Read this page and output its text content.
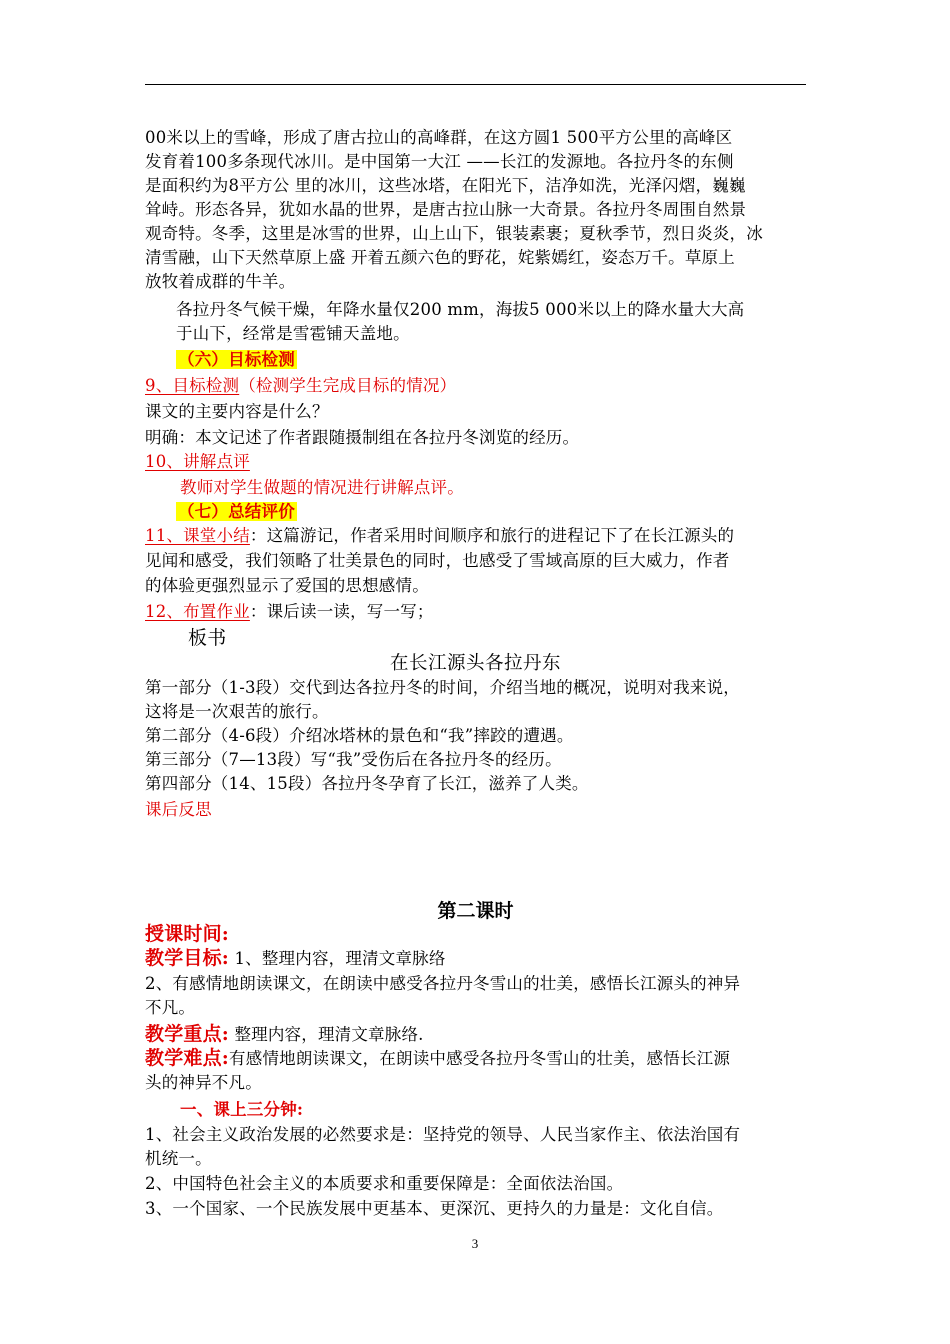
00米以上的雪峰，形成了唐古拉山的高峰群，在这方圆1 500平方公里的高峰区
发育着100多条现代冰川。是中国第一大江 ——长江的发源地。各拉丹冬的东侧
是面积约为8平方公 里的冰川，这些冰塔，在阳光下，洁净如洗，光泽闪熠，巍巍
耸峙。形态各异，犹如水晶的世界，是唐古拉山脉一大奇景。各拉丹冬周围自然景
观奇特。冬季，这里是冰雪的世界，山上山下，银装素裹；夏秋季节，烈日炎炎，冰
清雪融，山下天然草原上盛 开着五颜六色的野花，姹紫嫣红，姿态万千。草原上
放牧着成群的牛羊。
各拉丹冬气候干燥，年降水量仅200 mm，海拔5 000米以上的降水量大大高
于山下，经常是雪雹铺天盖地。
（六）目标检测
9、目标检测（检测学生完成目标的情况）
课文的主要内容是什么？
明确：本文记述了作者跟随摄制组在各拉丹冬浏览的经历。
10、讲解点评
教师对学生做题的情况进行讲解点评。
（七）总结评价
11、课堂小结：这篇游记，作者采用时间顺序和旅行的进程记下了在长江源头的
见闻和感受，我们领略了壮美景色的同时，也感受了雪域高原的巨大威力，作者
的体验更强烈显示了爱国的思想感情。
12、布置作业：课后读一读，写一写；
板书
在长江源头各拉丹东
第一部分（1-3段）交代到达各拉丹冬的时间，介绍当地的概况，说明对我来说，
这将是一次艰苦的旅行。
第二部分（4-6段）介绍冰塔林的景色和“我”摔跤的遭遇。
第三部分（7—13段）写“我”受伤后在各拉丹冬的经历。
第四部分（14、15段）各拉丹冬孕育了长江，滋养了人类。
课后反思
第二课时
授课时间:
教学目标: 1、整理内容，理清文章脉络
2、有感情地朗读课文，在朗读中感受各拉丹冬雪山的壮美，感悟长江源头的神异
不凡。
教学重点: 整理内容，理清文章脉络.
教学难点:有感情地朗读课文，在朗读中感受各拉丹冬雪山的壮美，感悟长江源
头的神异不凡。
一、课上三分钟:
1、社会主义政治发展的必然要求是：坚持党的领导、人民当家作主、依法治国有
机统一。
2、中国特色社会主义的本质要求和重要保障是：全面依法治国。
3、一个国家、一个民族发展中更基本、更深沉、更持久的力量是：文化自信。
3
